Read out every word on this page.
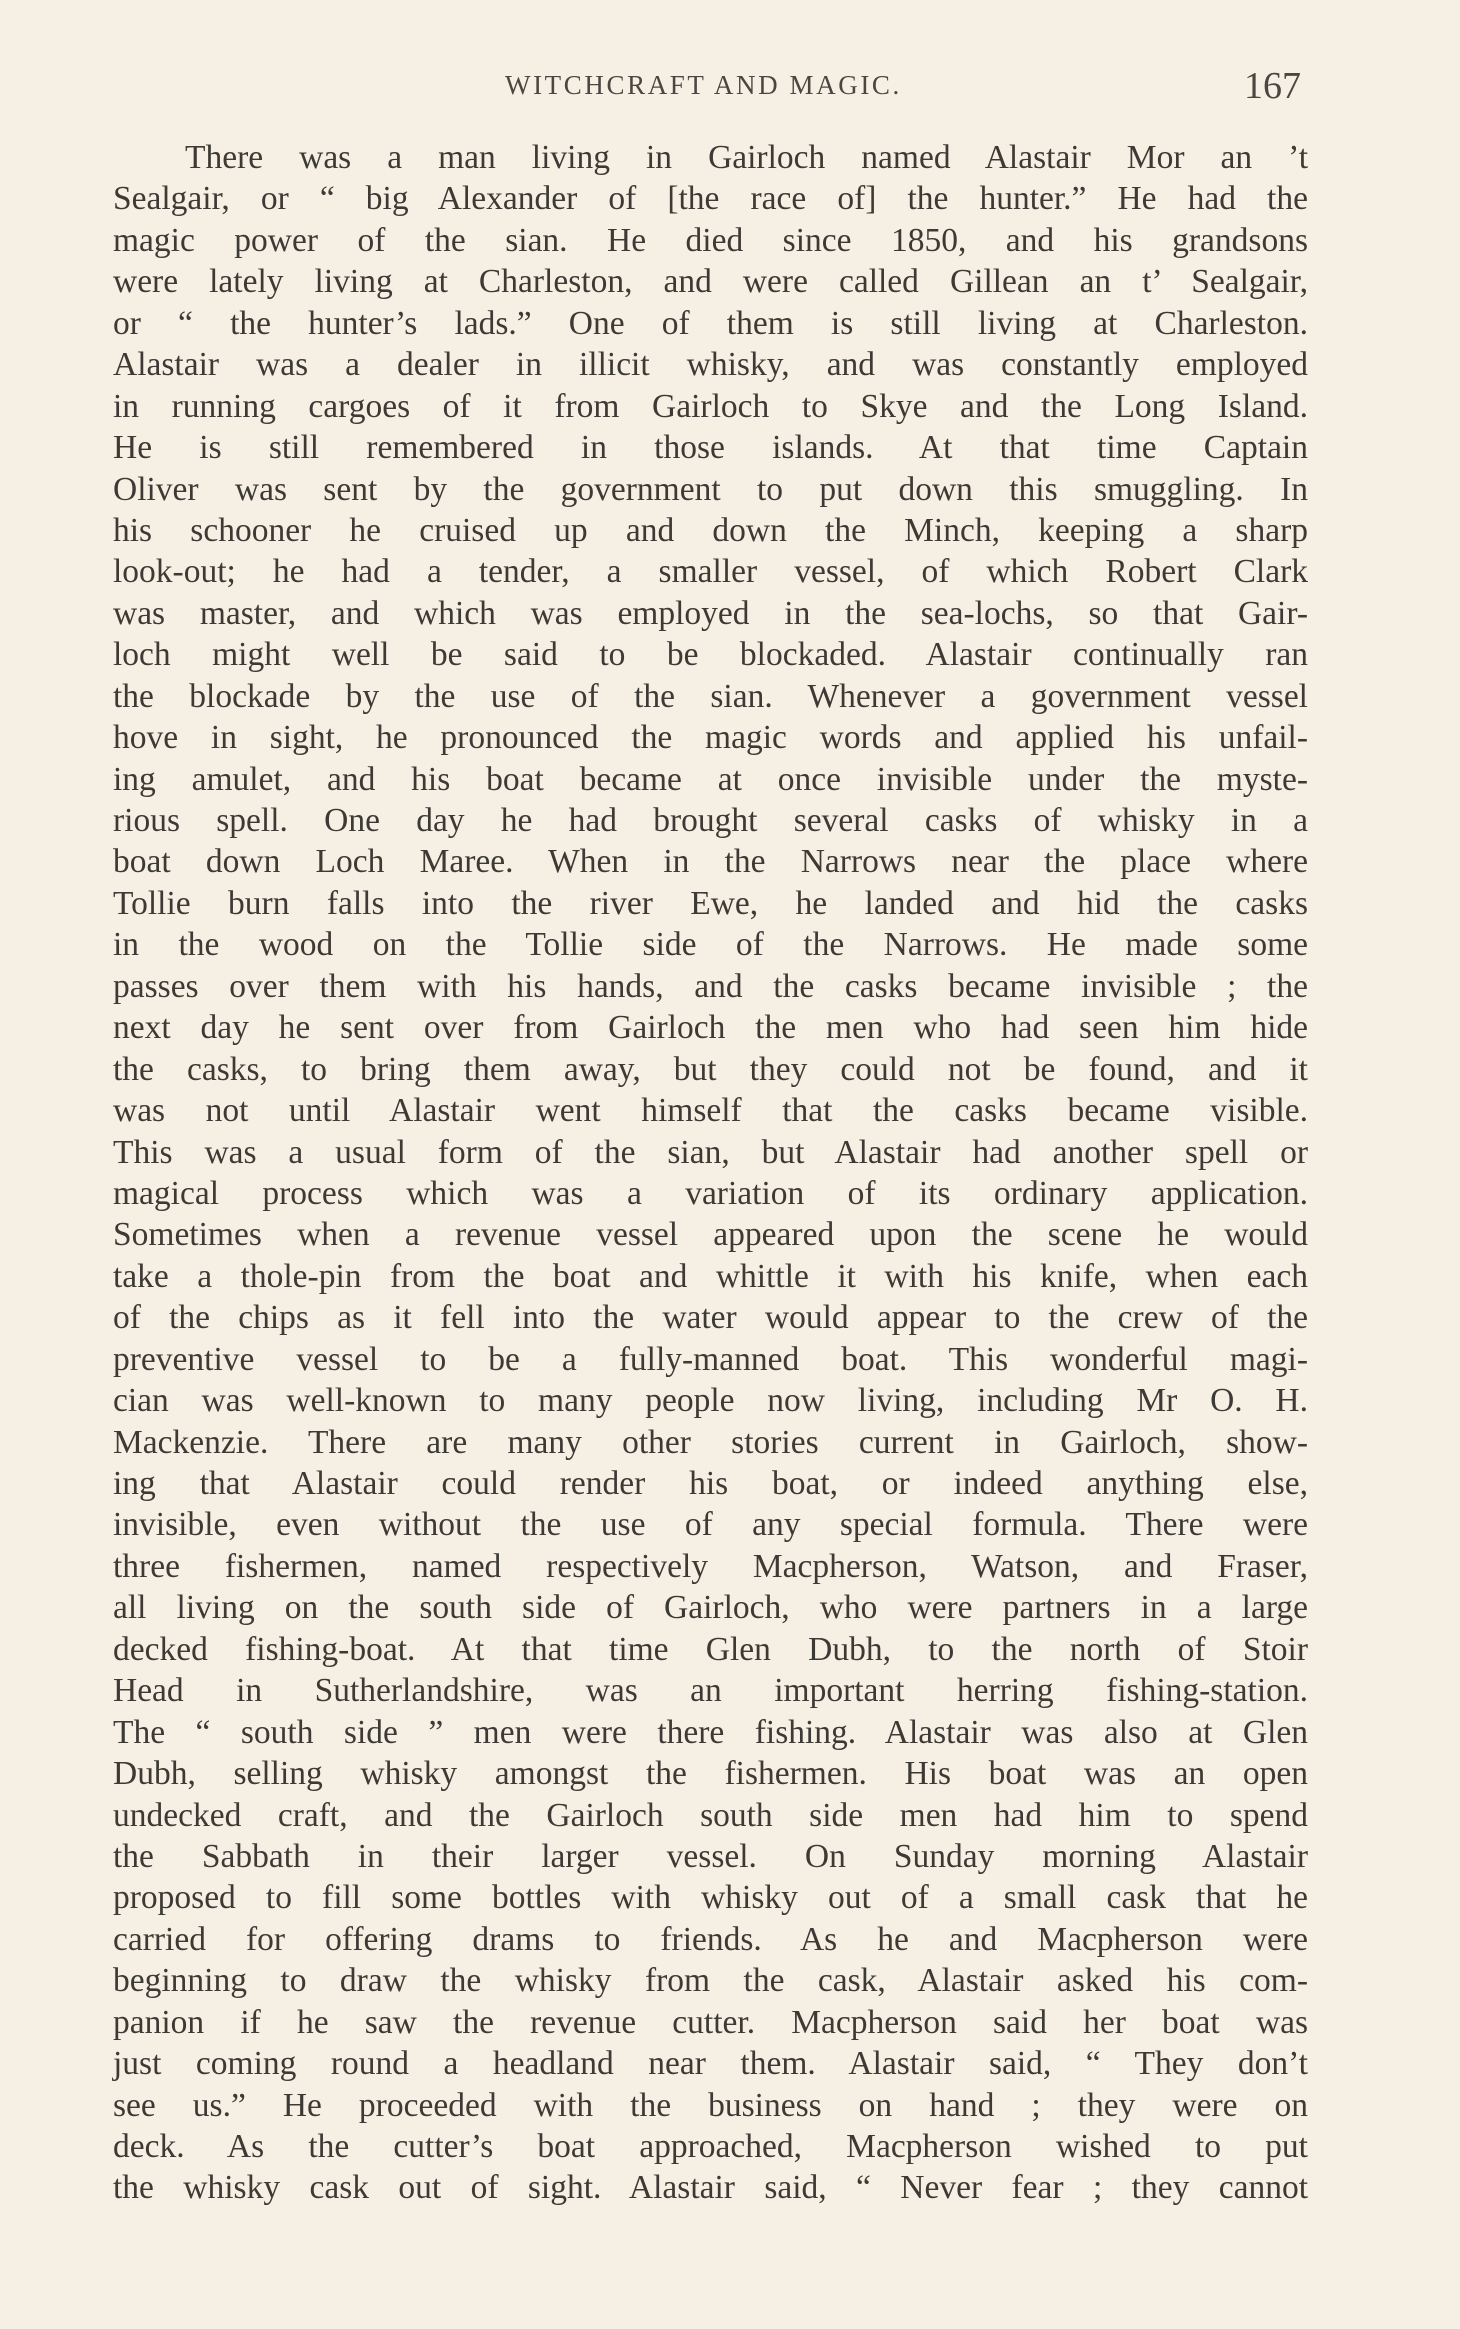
WITCHCRAFT AND MAGIC.	167
There was a man living in Gairloch named Alastair Mor an ’t
Sealgair, or “ big Alexander of [the race of] the hunter.” He had the
magic power of the sian. He died since 1850, and his grandsons
were lately living at Charleston, and were called Gillean an t’ Sealgair,
or “ the hunter’s lads.” One of them is still living at Charleston.
Alastair was a dealer in illicit whisky, and was constantly employed
in running cargoes of it from Gairloch to Skye and the Long Island.
He is still remembered in those islands. At that time Captain
Oliver was sent by the government to put down this smuggling. In
his schooner he cruised up and down the Minch, keeping a sharp
look-out; he had a tender, a smaller vessel, of which Robert Clark
was master, and which was employed in the sea-lochs, so that Gair-
loch might well be said to be blockaded. Alastair continually ran
the blockade by the use of the sian. Whenever a government vessel
hove in sight, he pronounced the magic words and applied his unfail-
ing amulet, and his boat became at once invisible under the myste-
rious spell. One day he had brought several casks of whisky in a
boat down Loch Maree. When in the Narrows near the place where
Tollie burn falls into the river Ewe, he landed and hid the casks
in the wood on the Tollie side of the Narrows. He made some
passes over them with his hands, and the casks became invisible ; the
next day he sent over from Gairloch the men who had seen him hide
the casks, to bring them away, but they could not be found, and it
was not until Alastair went himself that the casks became visible.
This was a usual form of the sian, but Alastair had another spell or
magical process which was a variation of its ordinary application.
Sometimes when a revenue vessel appeared upon the scene he would
take a thole-pin from the boat and whittle it with his knife, when each
of the chips as it fell into the water would appear to the crew of the
preventive vessel to be a fully-manned boat. This wonderful magi-
cian was well-known to many people now living, including Mr O. H.
Mackenzie. There are many other stories current in Gairloch, show-
ing that Alastair could render his boat, or indeed anything else,
invisible, even without the use of any special formula. There were
three fishermen, named respectively Macpherson, Watson, and Fraser,
all living on the south side of Gairloch, who were partners in a large
decked fishing-boat. At that time Glen Dubh, to the north of Stoir
Head in Sutherlandshire, was an important herring fishing-station.
The “ south side ” men were there fishing. Alastair was also at Glen
Dubh, selling whisky amongst the fishermen. His boat was an open
undecked craft, and the Gairloch south side men had him to spend
the Sabbath in their larger vessel. On Sunday morning Alastair
proposed to fill some bottles with whisky out of a small cask that he
carried for offering drams to friends. As he and Macpherson were
beginning to draw the whisky from the cask, Alastair asked his com-
panion if he saw the revenue cutter. Macpherson said her boat was
just coming round a headland near them. Alastair said, “ They don’t
see us.” He proceeded with the business on hand ; they were on
deck. As the cutter’s boat approached, Macpherson wished to put
the whisky cask out of sight. Alastair said, “ Never fear ; they cannot
